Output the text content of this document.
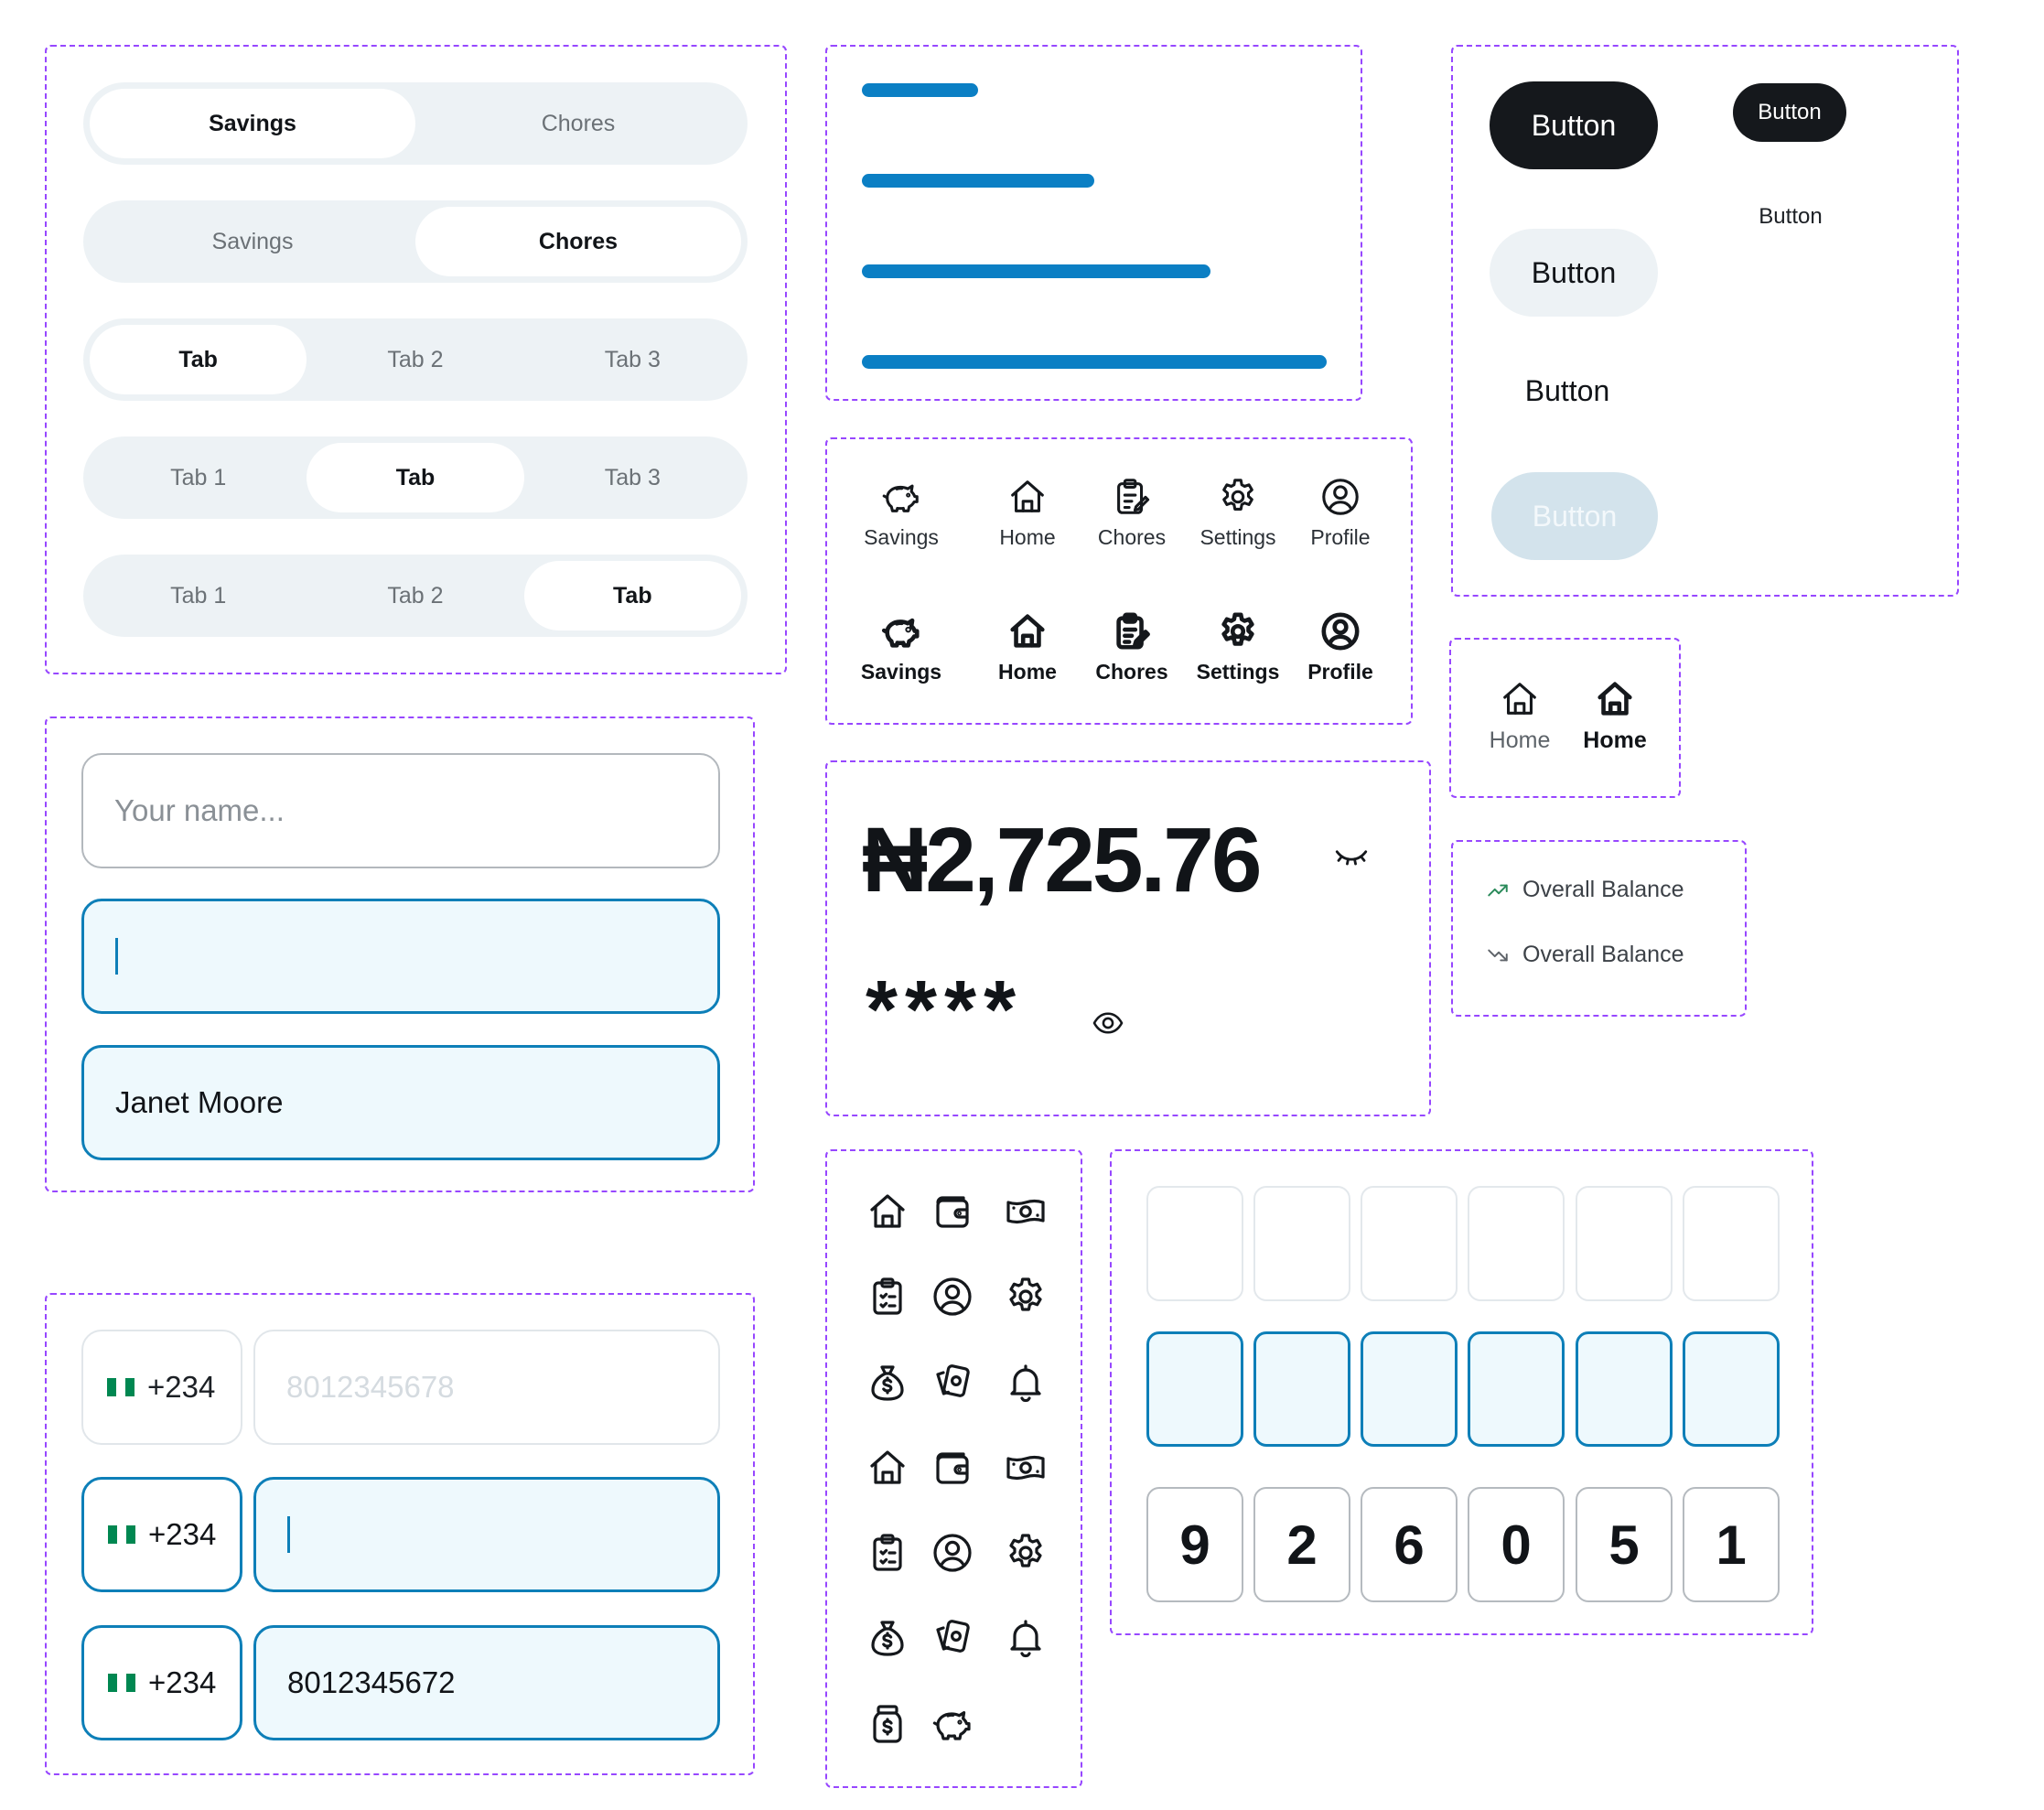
Savings	Chores
Savings	Chores
Tab	Tab 2	Tab 3
Tab 1	Tab	Tab 3
Tab 1	Tab 2	Tab
Button	Button
Button
Button
Button
Button
Savings	Home Chores Settings Profile
Savings	Home Chores Settings Profile
Home Home
₦2,725.76
****
Overall Balance
Overall Balance
Your name...
Janet Moore
+234 8012345678
+234
+234 8012345672
9	2	6	0	5	1
